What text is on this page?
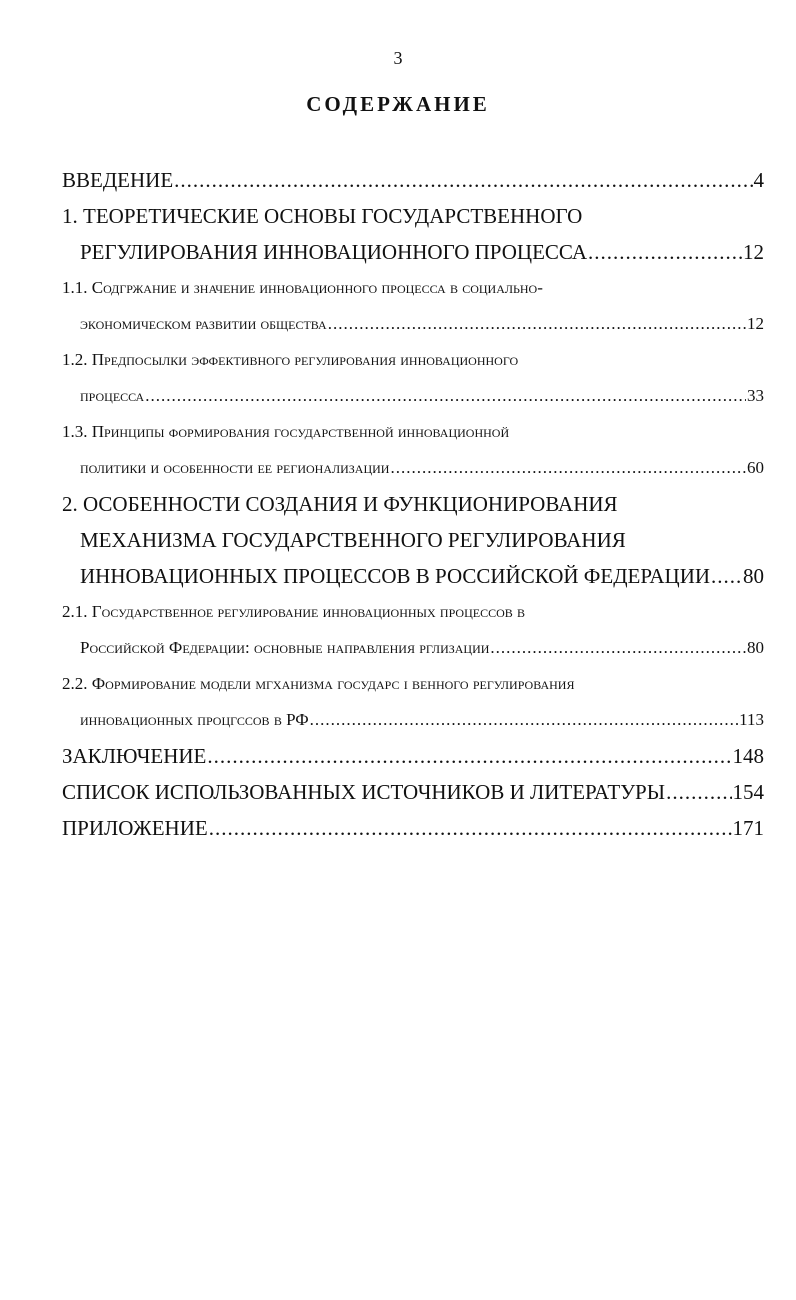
3
СОДЕРЖАНИЕ
ВВЕДЕНИЕ .....	4
1. ТЕОРЕТИЧЕСКИЕ ОСНОВЫ ГОСУДАРСТВЕННОГО
РЕГУЛИРОВАНИЯ ИННОВАЦИОННОГО ПРОЦЕССА .....	12
1.1. Содгржание и значение инновационного процесса в социально-
экономическом развитии общества .....	12
1.2. Предпосылки эффективного регулирования инновационного
процесса .....	33
1.3. Принципы формирования государственной инновационной
политики и особенности ее регионализации .....	60
2. ОСОБЕННОСТИ СОЗДАНИЯ И ФУНКЦИОНИРОВАНИЯ
МЕХАНИЗМА ГОСУДАРСТВЕННОГО РЕГУЛИРОВАНИЯ
ИННОВАЦИОННЫХ ПРОЦЕССОВ В РОССИЙСКОЙ ФЕДЕРАЦИИ ..... 80
2.1. Государственное регулирование инновационных процессов в
Российской Федерации: основные направления рглизации .....	80
2.2. Формирование модели мгханизма государс і венного регулирования
инновационных процгссов в РФ .....	113
ЗАКЛЮЧЕНИЕ .....	148
СПИСОК ИСПОЛЬЗОВАННЫХ ИСТОЧНИКОВ И ЛИТЕРАТУРЫ .....	154
ПРИЛОЖЕНИЕ .....	171
